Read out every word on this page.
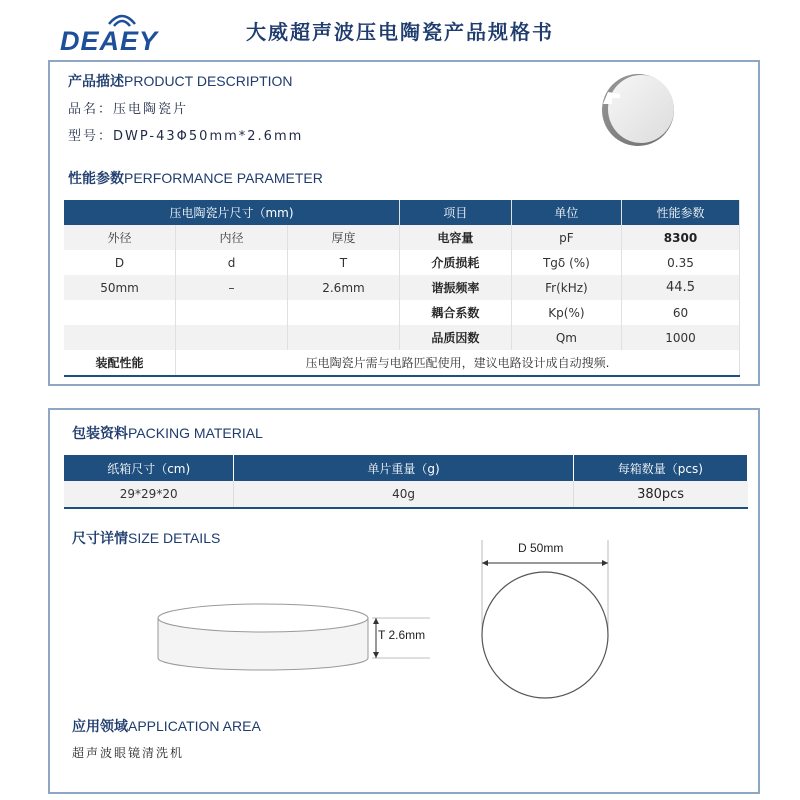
DEAEY	大威超声波压电陶瓷产品规格书
产品描述PRODUCT DESCRIPTION
品名：压电陶瓷片
型号：DWP-43Φ50mm*2.6mm
性能参数PERFORMANCE PARAMETER
压电陶瓷片尺寸（mm)			项目	单位	性能参数
外径	内径	厚度	电容量	pF	8300
D	d	T	介质损耗	Tgδ (%)	0.35
50mm	–	2.6mm	谐振频率	Fr(kHz)	44.5
			耦合系数	Kp(%)	60
			品质因数	Qm	1000
装配性能	压电陶瓷片需与电路匹配使用，建议电路设计成自动搜频.				
包装资料PACKING MATERIAL
纸箱尺寸（cm)	单片重量（g)	每箱数量（pcs)
29*29*20	40g	380pcs
尺寸详情SIZE DETAILS
T 2.6mm
D 50mm
应用领域APPLICATION AREA
超声波眼镜清洗机
